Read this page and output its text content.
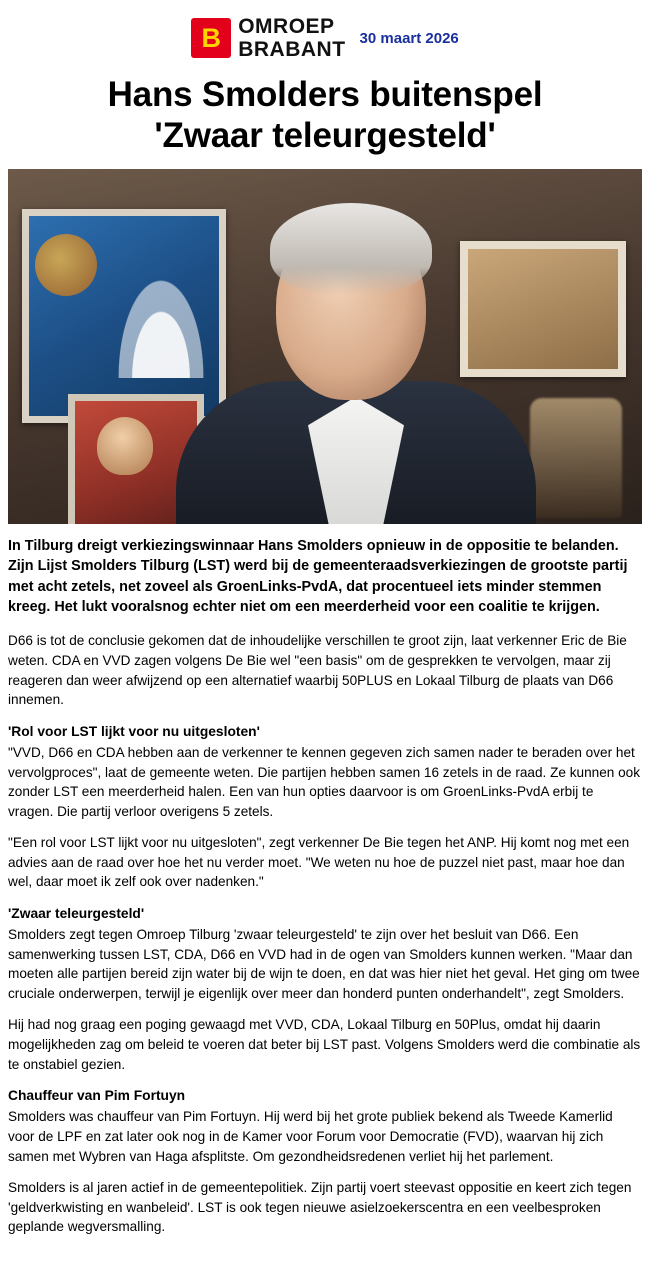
B OMROEP
BRABANT 30 maart 2026
Hans Smolders buitenspel
'Zwaar teleurgesteld'

In Tilburg dreigt verkiezingswinnaar Hans Smolders opnieuw in de oppositie te belanden. Zijn Lijst Smolders Tilburg (LST) werd bij de gemeenteraadsverkiezingen de grootste partij met acht zetels, net zoveel als GroenLinks-PvdA, dat procentueel iets minder stemmen kreeg. Het lukt vooralsnog echter niet om een meerderheid voor een coalitie te krijgen.

D66 is tot de conclusie gekomen dat de inhoudelijke verschillen te groot zijn, laat verkenner Eric de Bie weten. CDA en VVD zagen volgens De Bie wel "een basis" om de gesprekken te vervolgen, maar zij reageren dan weer afwijzend op een alternatief waarbij 50PLUS en Lokaal Tilburg de plaats van D66 innemen.

'Rol voor LST lijkt voor nu uitgesloten'

"VVD, D66 en CDA hebben aan de verkenner te kennen gegeven zich samen nader te beraden over het vervolgproces", laat de gemeente weten. Die partijen hebben samen 16 zetels in de raad. Ze kunnen ook zonder LST een meerderheid halen. Een van hun opties daarvoor is om GroenLinks-PvdA erbij te vragen. Die partij verloor overigens 5 zetels.

"Een rol voor LST lijkt voor nu uitgesloten", zegt verkenner De Bie tegen het ANP. Hij komt nog met een advies aan de raad over hoe het nu verder moet. "We weten nu hoe de puzzel niet past, maar hoe dan wel, daar moet ik zelf ook over nadenken."

'Zwaar teleurgesteld'

Smolders zegt tegen Omroep Tilburg 'zwaar teleurgesteld' te zijn over het besluit van D66. Een samenwerking tussen LST, CDA, D66 en VVD had in de ogen van Smolders kunnen werken. "Maar dan moeten alle partijen bereid zijn water bij de wijn te doen, en dat was hier niet het geval. Het ging om twee cruciale onderwerpen, terwijl je eigenlijk over meer dan honderd punten onderhandelt", zegt Smolders.

Hij had nog graag een poging gewaagd met VVD, CDA, Lokaal Tilburg en 50Plus, omdat hij daarin mogelijkheden zag om beleid te voeren dat beter bij LST past. Volgens Smolders werd die combinatie als te onstabiel gezien.

Chauffeur van Pim Fortuyn

Smolders was chauffeur van Pim Fortuyn. Hij werd bij het grote publiek bekend als Tweede Kamerlid voor de LPF en zat later ook nog in de Kamer voor Forum voor Democratie (FVD), waarvan hij zich samen met Wybren van Haga afsplitste. Om gezondheidsredenen verliet hij het parlement.

Smolders is al jaren actief in de gemeentepolitiek. Zijn partij voert steevast oppositie en keert zich tegen 'geldverkwisting en wanbeleid'. LST is ook tegen nieuwe asielzoekerscentra en een veelbesproken geplande wegversmalling.
